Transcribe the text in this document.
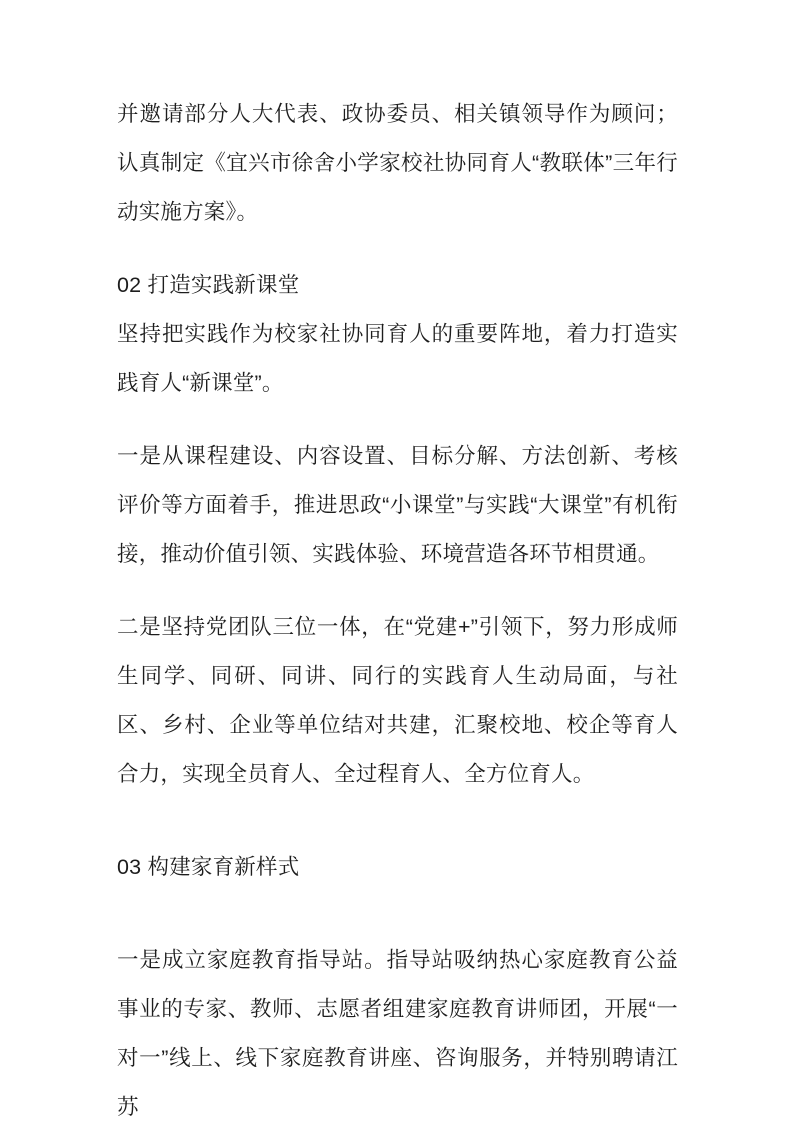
并邀请部分人大代表、政协委员、相关镇领导作为顾问；认真制定《宜兴市徐舍小学家校社协同育人“教联体”三年行动实施方案》。

02 打造实践新课堂

坚持把实践作为校家社协同育人的重要阵地，着力打造实践育人“新课堂”。

一是从课程建设、内容设置、目标分解、方法创新、考核评价等方面着手，推进思政“小课堂”与实践“大课堂”有机衔接，推动价值引领、实践体验、环境营造各环节相贯通。

二是坚持党团队三位一体，在“党建+”引领下，努力形成师生同学、同研、同讲、同行的实践育人生动局面，与社区、乡村、企业等单位结对共建，汇聚校地、校企等育人合力，实现全员育人、全过程育人、全方位育人。

03 构建家育新样式

一是成立家庭教育指导站。指导站吸纳热心家庭教育公益事业的专家、教师、志愿者组建家庭教育讲师团，开展“一对一”线上、线下家庭教育讲座、咨询服务，并特别聘请江苏
